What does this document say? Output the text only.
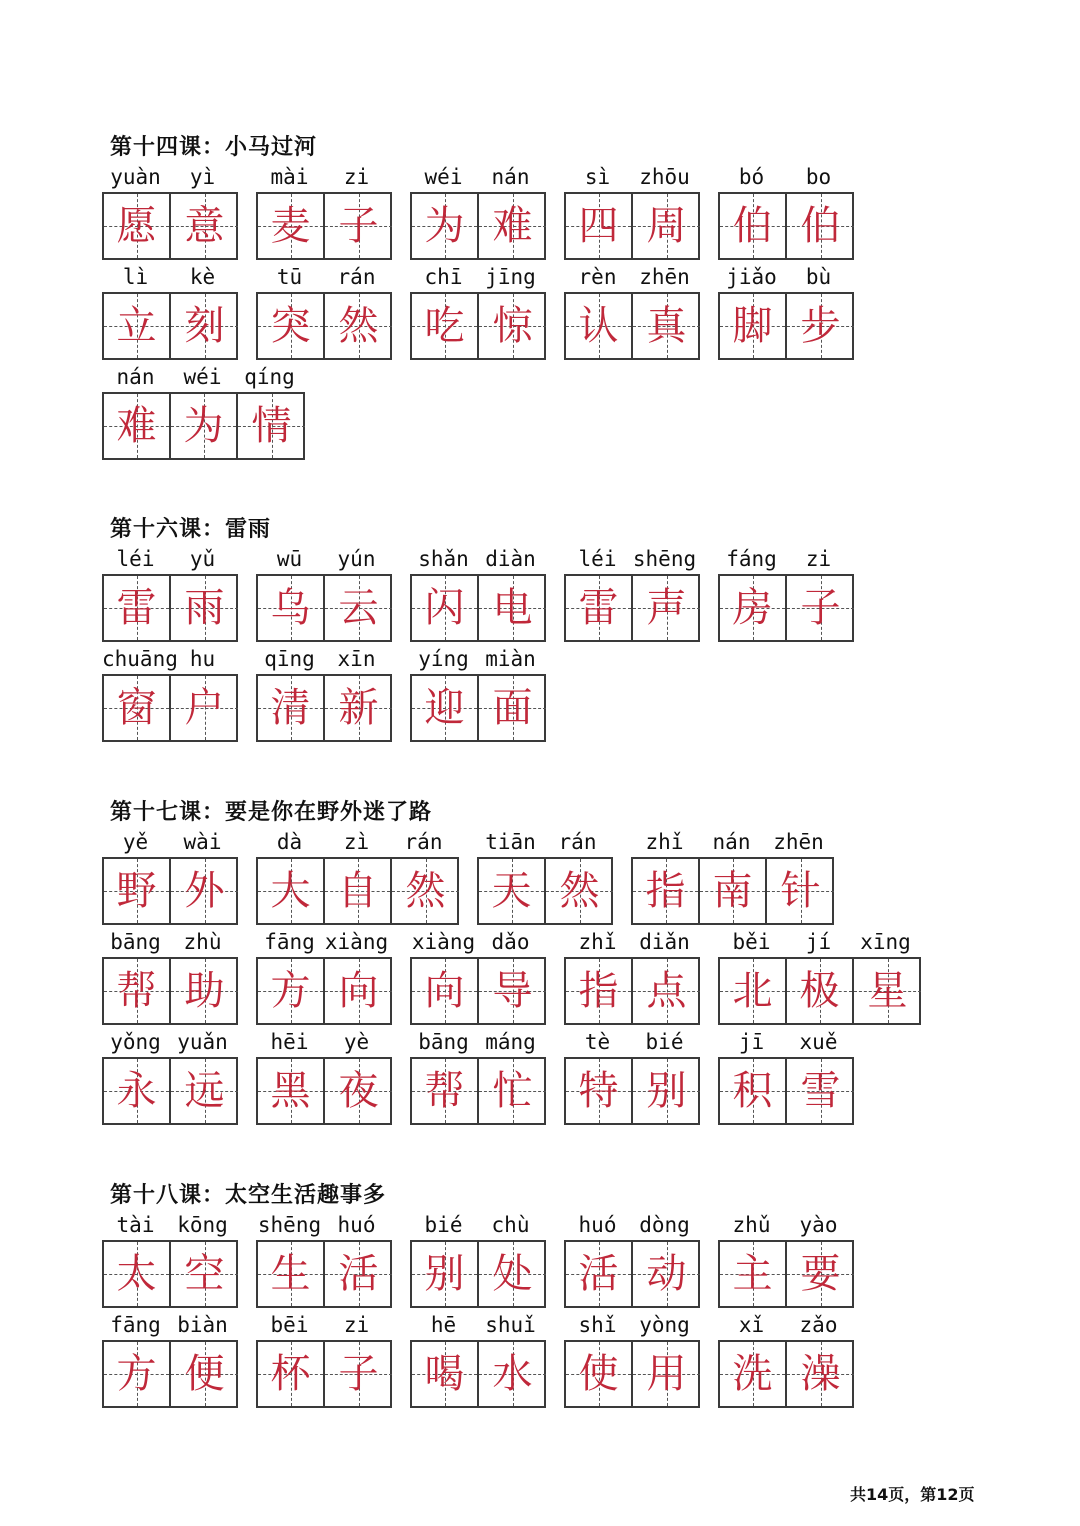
第十四课：小马过河
yuàn	yì
愿 意
mài	zi
麦 子
wéi	nán
为 难
sì	zhōu
四 周
bó	bo
伯 伯
lì	kè
立 刻
tū	rán
突 然
chī	jīng
吃 惊
rèn	zhēn
认 真
jiǎo	bù
脚 步
nán	wéi	qíng
难 为 情
第十六课：雷雨
léi	yǔ
雷 雨
wū	yún
乌 云
shǎn diàn
闪 电
léi shēng
雷 声
fáng	zi
房 子
chuāng hu
窗 户
qīng	xīn
清 新
yíng miàn
迎 面
第十七课：要是你在野外迷了路
yě	wài
野 外
dà	zì	rán
大 自 然
tiān	rán
天 然
zhǐ	nán	zhēn
指 南 针
bāng	zhù
帮 助
fāng xiàng
方 向
xiàng dǎo
向 导
zhǐ	diǎn
指 点
běi	jí	xīng
北 极 星
yǒng yuǎn
永 远
hēi	yè
黑 夜
bāng máng
帮 忙
tè	bié
特 别
jī	xuě
积 雪
第十八课：太空生活趣事多
tài	kōng
太 空
shēng huó
生 活
bié	chù
别 处
huó	dòng
活 动
zhǔ	yào
主 要
fāng biàn
方 便
bēi	zi
杯 子
hē	shuǐ
喝 水
shǐ	yòng
使 用
xǐ	zǎo
洗 澡
共14页，第12页
